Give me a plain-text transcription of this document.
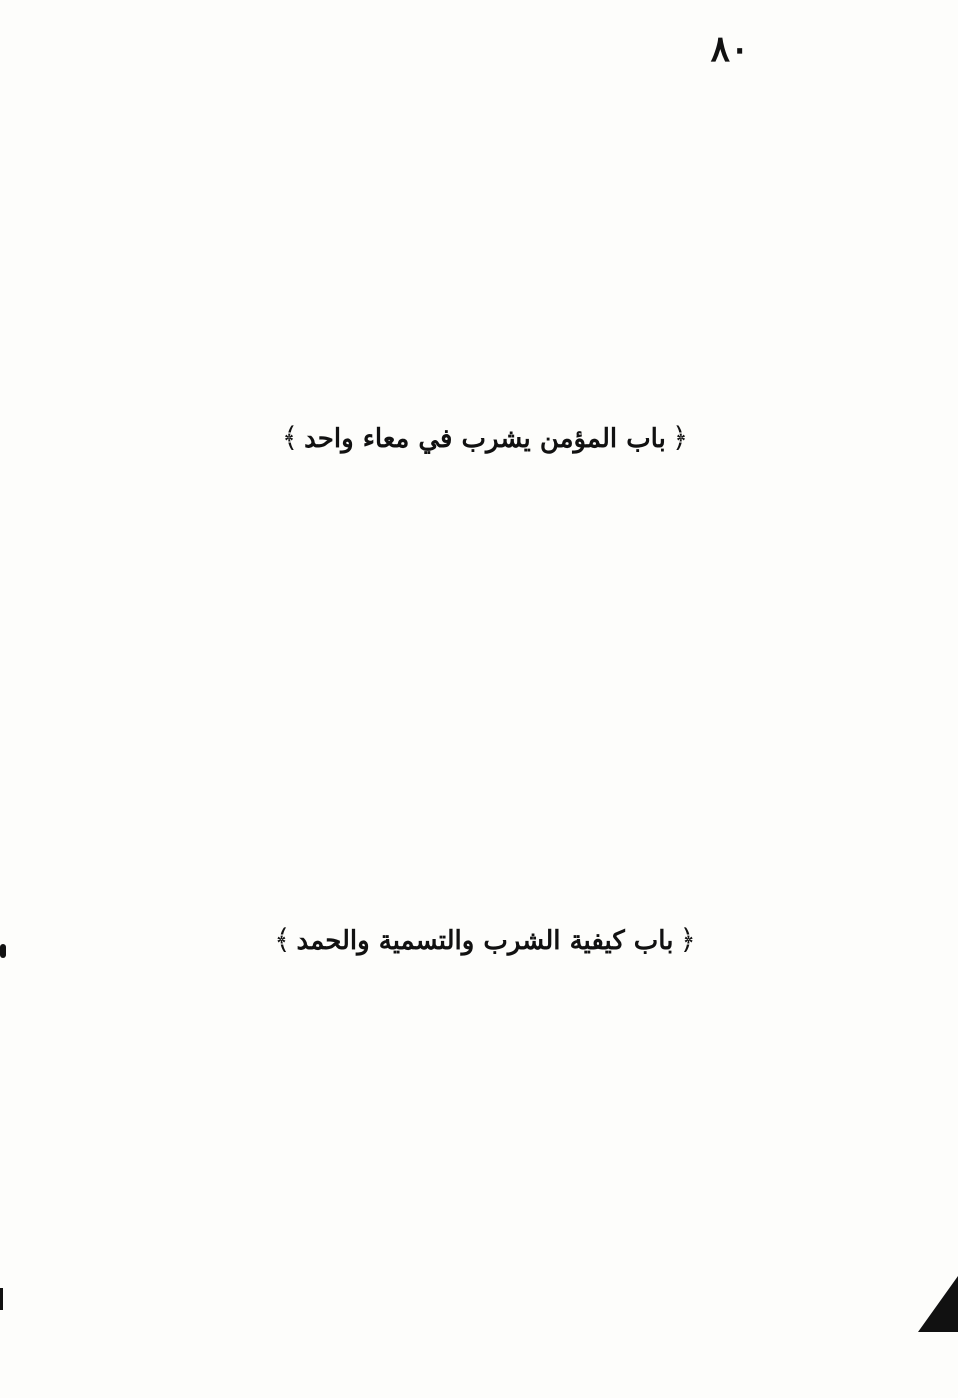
٨٠
﴿باب المؤمن يشرب في معاء واحد﴾
﴿باب كيفية الشرب والتسمية والحمد﴾
